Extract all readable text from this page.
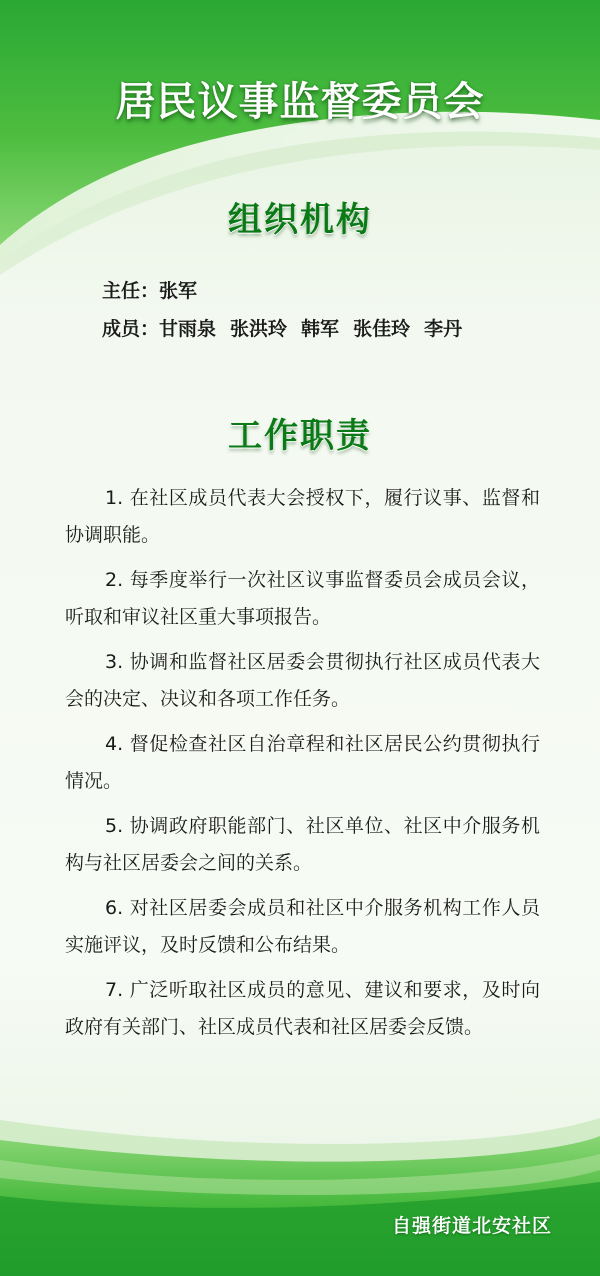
居民议事监督委员会
组织机构
主任：张军
成员：甘雨泉 张洪玲 韩军 张佳玲 李丹
工作职责

1. 在社区成员代表大会授权下，履行议事、监督和协调职能。

2. 每季度举行一次社区议事监督委员会成员会议，听取和审议社区重大事项报告。

3. 协调和监督社区居委会贯彻执行社区成员代表大会的决定、决议和各项工作任务。

4. 督促检查社区自治章程和社区居民公约贯彻执行情况。

5. 协调政府职能部门、社区单位、社区中介服务机构与社区居委会之间的关系。

6. 对社区居委会成员和社区中介服务机构工作人员实施评议，及时反馈和公布结果。

7. 广泛听取社区成员的意见、建议和要求，及时向政府有关部门、社区成员代表和社区居委会反馈。

自强街道北安社区
